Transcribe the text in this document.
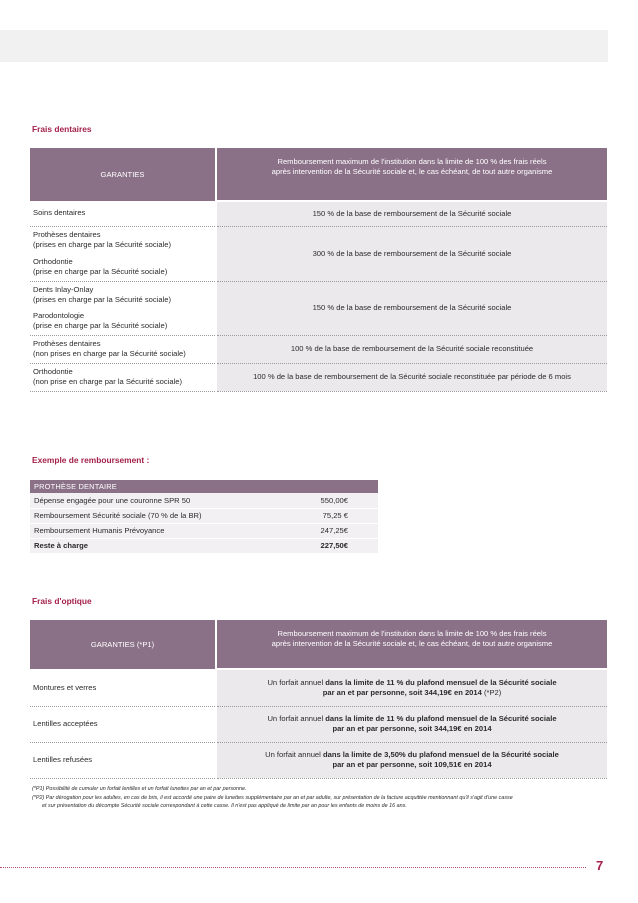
Frais dentaires
GARANTIES	Remboursement maximum de l'institution dans la limite de 100 % des frais réels
après intervention de la Sécurité sociale et, le cas échéant, de tout autre organisme
Soins dentaires	150 % de la base de remboursement de la Sécurité sociale
Prothèses dentaires
(prises en charge par la Sécurité sociale)	300 % de la base de remboursement de la Sécurité sociale
Orthodontie
(prise en charge par la Sécurité sociale)	

Dents Inlay-Onlay
(prises en charge par la Sécurité sociale)	150 % de la base de remboursement de la Sécurité sociale
Parodontologie
(prise en charge par la Sécurité sociale)	

Prothèses dentaires
(non prises en charge par la Sécurité sociale)	100 % de la base de remboursement de la Sécurité sociale reconstituée
Orthodontie
(non prise en charge par la Sécurité sociale)	100 % de la base de remboursement de la Sécurité sociale reconstituée par période de 6 mois
Exemple de remboursement :
PROTHÈSE DENTAIRE	
Dépense engagée pour une couronne SPR 50	550,00€
Remboursement Sécurité sociale (70 % de la BR)	75,25 €
Remboursement Humanis Prévoyance	247,25€
Reste à charge	227,50€
Frais d'optique
GARANTIES (*P1)	Remboursement maximum de l'institution dans la limite de 100 % des frais réels
après intervention de la Sécurité sociale et, le cas échéant, de tout autre organisme
Montures et verres	Un forfait annuel dans la limite de 11 % du plafond mensuel de la Sécurité sociale
par an et par personne, soit 344,19€ en 2014 (*P2)
Lentilles acceptées	Un forfait annuel dans la limite de 11 % du plafond mensuel de la Sécurité sociale
par an et par personne, soit 344,19€ en 2014
Lentilles refusées	Un forfait annuel dans la limite de 3,50% du plafond mensuel de la Sécurité sociale
par an et par personne, soit 109,51€ en 2014
(*P1) Possibilité de cumuler un forfait lentilles et un forfait lunettes par an et par personne.
(*P2) Par dérogation pour les adultes, en cas de bris, il est accordé une paire de lunettes supplémentaire par an et par adulte, sur présentation de la facture acquittée mentionnant qu'il s'agit d'une casse
et sur présentation du décompte Sécurité sociale correspondant à cette casse. Il n'est pas appliqué de limite par an pour les enfants de moins de 16 ans.
7
